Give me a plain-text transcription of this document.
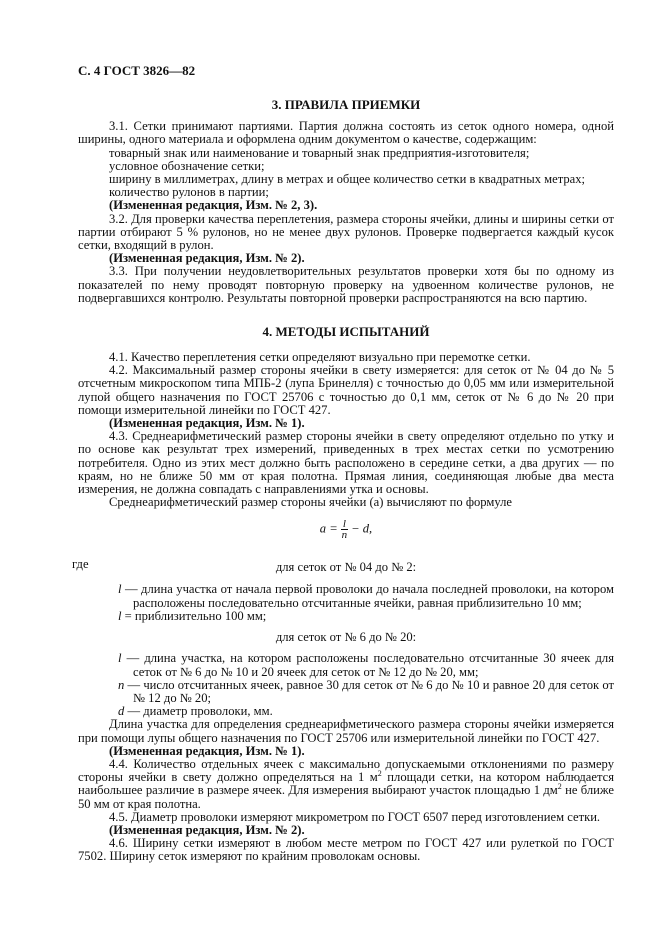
С. 4 ГОСТ 3826—82
3. ПРАВИЛА ПРИЕМКИ

3.1. Сетки принимают партиями. Партия должна состоять из сеток одного номера, одной ширины, одного материала и оформлена одним документом о качестве, содержащим:

товарный знак или наименование и товарный знак предприятия-изготовителя;

условное обозначение сетки;

ширину в миллиметрах, длину в метрах и общее количество сетки в квадратных метрах;

количество рулонов в партии;

(Измененная редакция, Изм. № 2, 3).

3.2. Для проверки качества переплетения, размера стороны ячейки, длины и ширины сетки от партии отбирают 5 % рулонов, но не менее двух рулонов. Проверке подвергается каждый кусок сетки, входящий в рулон.

(Измененная редакция, Изм. № 2).

3.3. При получении неудовлетворительных результатов проверки хотя бы по одному из показателей по нему проводят повторную проверку на удвоенном количестве рулонов, не подвергавшихся контролю. Результаты повторной проверки распространяются на всю партию.

4. МЕТОДЫ ИСПЫТАНИЙ

4.1. Качество переплетения сетки определяют визуально при перемотке сетки.

4.2. Максимальный размер стороны ячейки в свету измеряется: для сеток от № 04 до № 5 отсчетным микроскопом типа МПБ-2 (лупа Бринелля) с точностью до 0,05 мм или измерительной лупой общего назначения по ГОСТ 25706 с точностью до 0,1 мм, сеток от № 6 до № 20 при помощи измерительной линейки по ГОСТ 427.

(Измененная редакция, Изм. № 1).

4.3. Среднеарифметический размер стороны ячейки в свету определяют отдельно по утку и по основе как результат трех измерений, приведенных в трех местах сетки по усмотрению потребителя. Одно из этих мест должно быть расположено в середине сетки, а два других — по краям, но не ближе 50 мм от края полотна. Прямая линия, соединяющая любые два места измерения, не должна совпадать с направлениями утка и основы.

Среднеарифметический размер стороны ячейки (а) вычисляют по формуле

$a = \frac{l}{n} - d$,
где	для сеток от № 04 до № 2:

l — длина участка от начала первой проволоки до начала последней проволоки, на котором расположены последовательно отсчитанные ячейки, равная приблизительно 10 мм;

l = приблизительно 100 мм;

для сеток от № 6 до № 20:

l — длина участка, на котором расположены последовательно отсчитанные 30 ячеек для сеток от № 6 до № 10 и 20 ячеек для сеток от № 12 до № 20, мм;

n — число отсчитанных ячеек, равное 30 для сеток от № 6 до № 10 и равное 20 для сеток от № 12 до № 20;

d — диаметр проволоки, мм.

Длина участка для определения среднеарифметического размера стороны ячейки измеряется при помощи лупы общего назначения по ГОСТ 25706 или измерительной линейки по ГОСТ 427.

(Измененная редакция, Изм. № 1).

4.4. Количество отдельных ячеек с максимально допускаемыми отклонениями по размеру стороны ячейки в свету должно определяться на 1 $м^2$ площади сетки, на котором наблюдается наибольшее различие в размере ячеек. Для измерения выбирают участок площадью 1 $дм^2$ не ближе 50 мм от края полотна.

4.5. Диаметр проволоки измеряют микрометром по ГОСТ 6507 перед изготовлением сетки.

(Измененная редакция, Изм. № 2).

4.6. Ширину сетки измеряют в любом месте метром по ГОСТ 427 или рулеткой по ГОСТ 7502. Ширину сеток измеряют по крайним проволокам основы.
